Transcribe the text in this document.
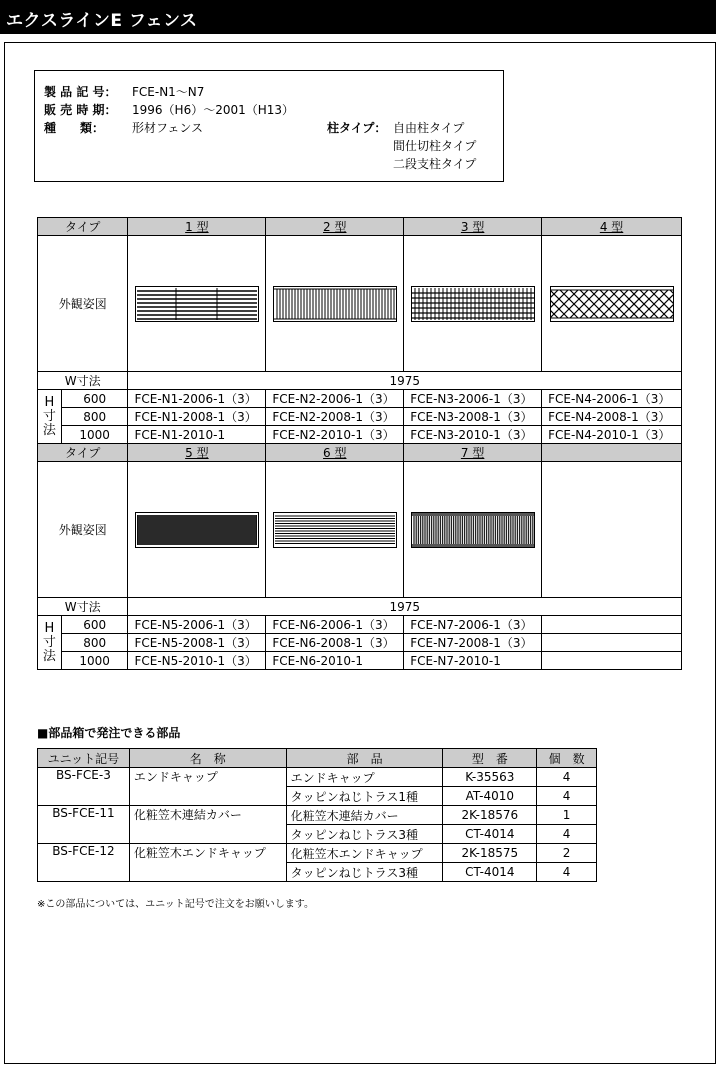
エクスラインE フェンス
製 品 記 号： FCE-N1〜N7
販 売 時 期： 1996（H6）〜2001（H13）
種　　類： 形材フェンス	柱タイプ： 自由柱タイプ
間仕切柱タイプ
二段支柱タイプ
タイプ		1 型	2 型	3 型	4 型
外観姿図	

W寸法		1975			
H
寸
法	600	FCE-N1-2006-1（3）	FCE-N2-2006-1（3）	FCE-N3-2006-1（3）	FCE-N4-2006-1（3）
	800	FCE-N1-2008-1（3）	FCE-N2-2008-1（3）	FCE-N3-2008-1（3）	FCE-N4-2008-1（3）
	1000	FCE-N1-2010-1	FCE-N2-2010-1（3）	FCE-N3-2010-1（3）	FCE-N4-2010-1（3）
タイプ		5 型	6 型	7 型	
外観姿図	

W寸法		1975			
H
寸
法	600	FCE-N5-2006-1（3）	FCE-N6-2006-1（3）	FCE-N7-2006-1（3）	
	800	FCE-N5-2008-1（3）	FCE-N6-2008-1（3）	FCE-N7-2008-1（3）	
	1000	FCE-N5-2010-1（3）	FCE-N6-2010-1	FCE-N7-2010-1	
■部品箱で発注できる部品
ユニット記号	名　称	部　品	型　番	個　数
BS-FCE-3	エンドキャップ	エンドキャップ	K-35563	4
		タッピンねじトラス1種	AT-4010	4
BS-FCE-11	化粧笠木連結カバー	化粧笠木連結カバー	2K-18576	1
		タッピンねじトラス3種	CT-4014	4
BS-FCE-12	化粧笠木エンドキャップ	化粧笠木エンドキャップ	2K-18575	2
		タッピンねじトラス3種	CT-4014	4
※この部品については、ユニット記号で注文をお願いします。
